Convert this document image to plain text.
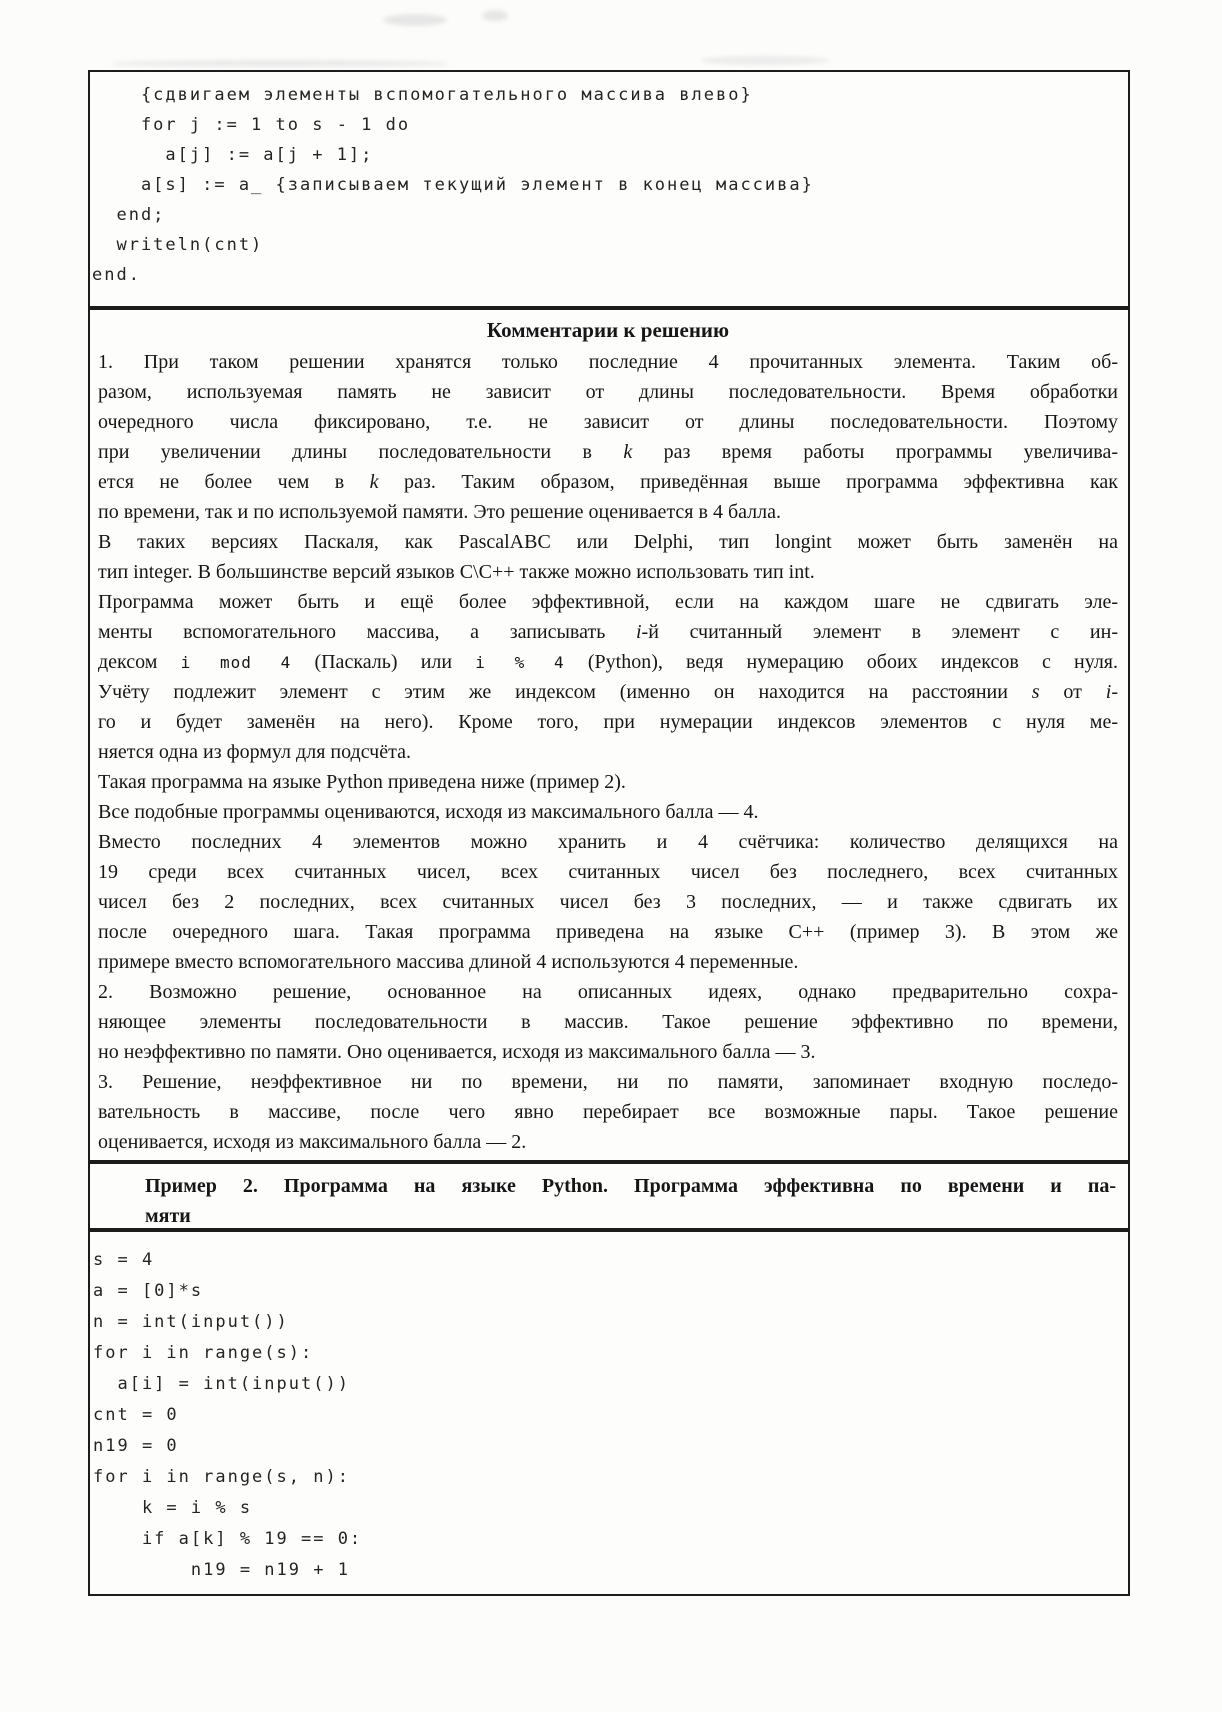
{сдвигаем элементы вспомогательного массива влево}
for j := 1 to s - 1 do
a[j] := a[j + 1];
a[s] := a_ {записываем текущий элемент в конец массива}
end;
writeln(cnt)
end.
Комментарии к решению
1. При таком решении хранятся только последние 4 прочитанных элемента. Таким об-
разом, используемая память не зависит от длины последовательности. Время обработки
очередного числа фиксировано, т.е. не зависит от длины последовательности. Поэтому
при увеличении длины последовательности в k раз время работы программы увеличива-
ется не более чем в k раз. Таким образом, приведённая выше программа эффективна как
по времени, так и по используемой памяти. Это решение оценивается в 4 балла.
В таких версиях Паскаля, как PascalABC или Delphi, тип longint может быть заменён на
тип integer. В большинстве версий языков C\C++ также можно использовать тип int.
Программа может быть и ещё более эффективной, если на каждом шаге не сдвигать эле-
менты вспомогательного массива, а записывать i-й считанный элемент в элемент с ин-
дексом i mod 4 (Паскаль) или i % 4 (Python), ведя нумерацию обоих индексов с нуля.
Учёту подлежит элемент с этим же индексом (именно он находится на расстоянии s от i-
го и будет заменён на него). Кроме того, при нумерации индексов элементов с нуля ме-
няется одна из формул для подсчёта.
Такая программа на языке Python приведена ниже (пример 2).
Все подобные программы оцениваются, исходя из максимального балла — 4.
Вместо последних 4 элементов можно хранить и 4 счётчика: количество делящихся на
19 среди всех считанных чисел, всех считанных чисел без последнего, всех считанных
чисел без 2 последних, всех считанных чисел без 3 последних, — и также сдвигать их
после очередного шага. Такая программа приведена на языке C++ (пример 3). В этом же
примере вместо вспомогательного массива длиной 4 используются 4 переменные.
2. Возможно решение, основанное на описанных идеях, однако предварительно сохра-
няющее элементы последовательности в массив. Такое решение эффективно по времени,
но неэффективно по памяти. Оно оценивается, исходя из максимального балла — 3.
3. Решение, неэффективное ни по времени, ни по памяти, запоминает входную последо-
вательность в массиве, после чего явно перебирает все возможные пары. Такое решение
оценивается, исходя из максимального балла — 2.
Пример 2. Программа на языке Python. Программа эффективна по времени и па-
мяти
s = 4
a = [0]*s
n = int(input())
for i in range(s):
a[i] = int(input())
cnt = 0
n19 = 0
for i in range(s, n):
k = i % s
if a[k] % 19 == 0:
n19 = n19 + 1
